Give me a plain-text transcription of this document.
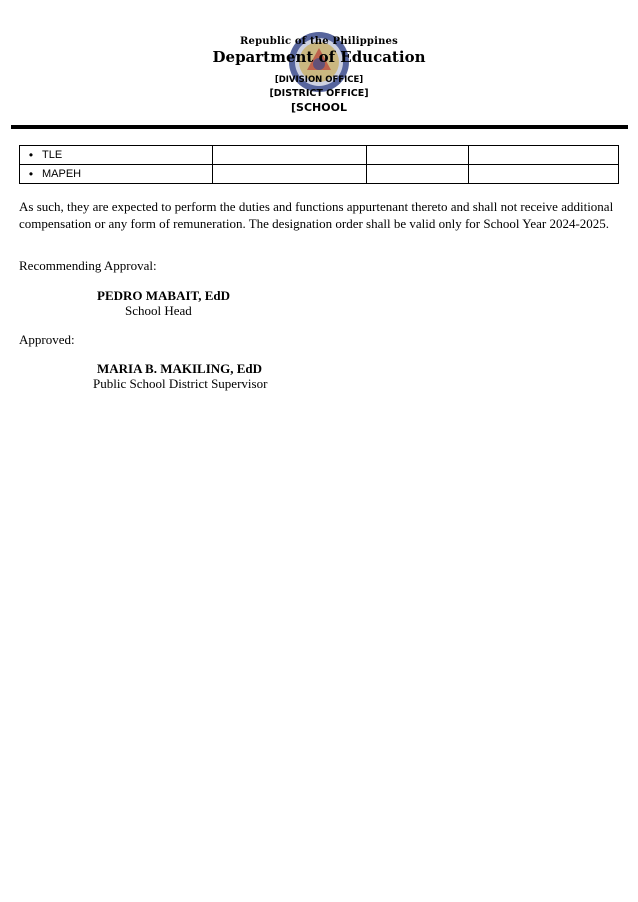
Republic of the Philippines
Department of Education
[DIVISION OFFICE]
[DISTRICT OFFICE]
[SCHOOL
• TLE			

• MAPEH			

As such, they are expected to perform the duties and functions appurtenant thereto and shall not receive additional compensation or any form of remuneration. The designation order shall be valid only for School Year 2024-2025.
Recommending Approval:
PEDRO MABAIT, EdD
School Head
Approved:
MARIA B. MAKILING, EdD
Public School District Supervisor
